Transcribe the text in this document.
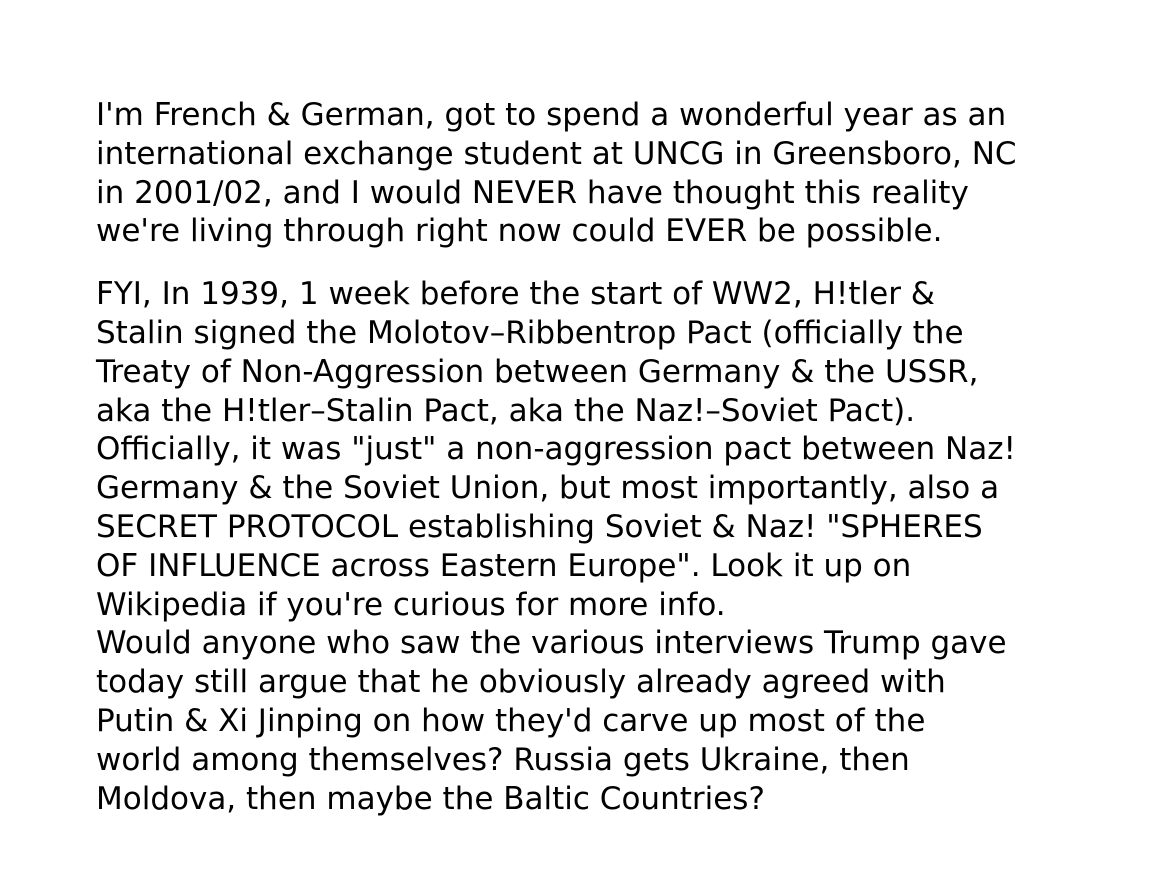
I'm French & German, got to spend a wonderful year as an
international exchange student at UNCG in Greensboro, NC
in 2001/02, and I would NEVER have thought this reality
we're living through right now could EVER be possible.
FYI, In 1939, 1 week before the start of WW2, H!tler &
Stalin signed the Molotov–Ribbentrop Pact (officially the
Treaty of Non-Aggression between Germany & the USSR,
aka the H!tler–Stalin Pact, aka the Naz!–Soviet Pact).
Officially, it was "just" a non-aggression pact between Naz!
Germany & the Soviet Union, but most importantly, also a
SECRET PROTOCOL establishing Soviet & Naz! "SPHERES
OF INFLUENCE across Eastern Europe". Look it up on
Wikipedia if you're curious for more info.
Would anyone who saw the various interviews Trump gave
today still argue that he obviously already agreed with
Putin & Xi Jinping on how they'd carve up most of the
world among themselves? Russia gets Ukraine, then
Moldova, then maybe the Baltic Countries?
